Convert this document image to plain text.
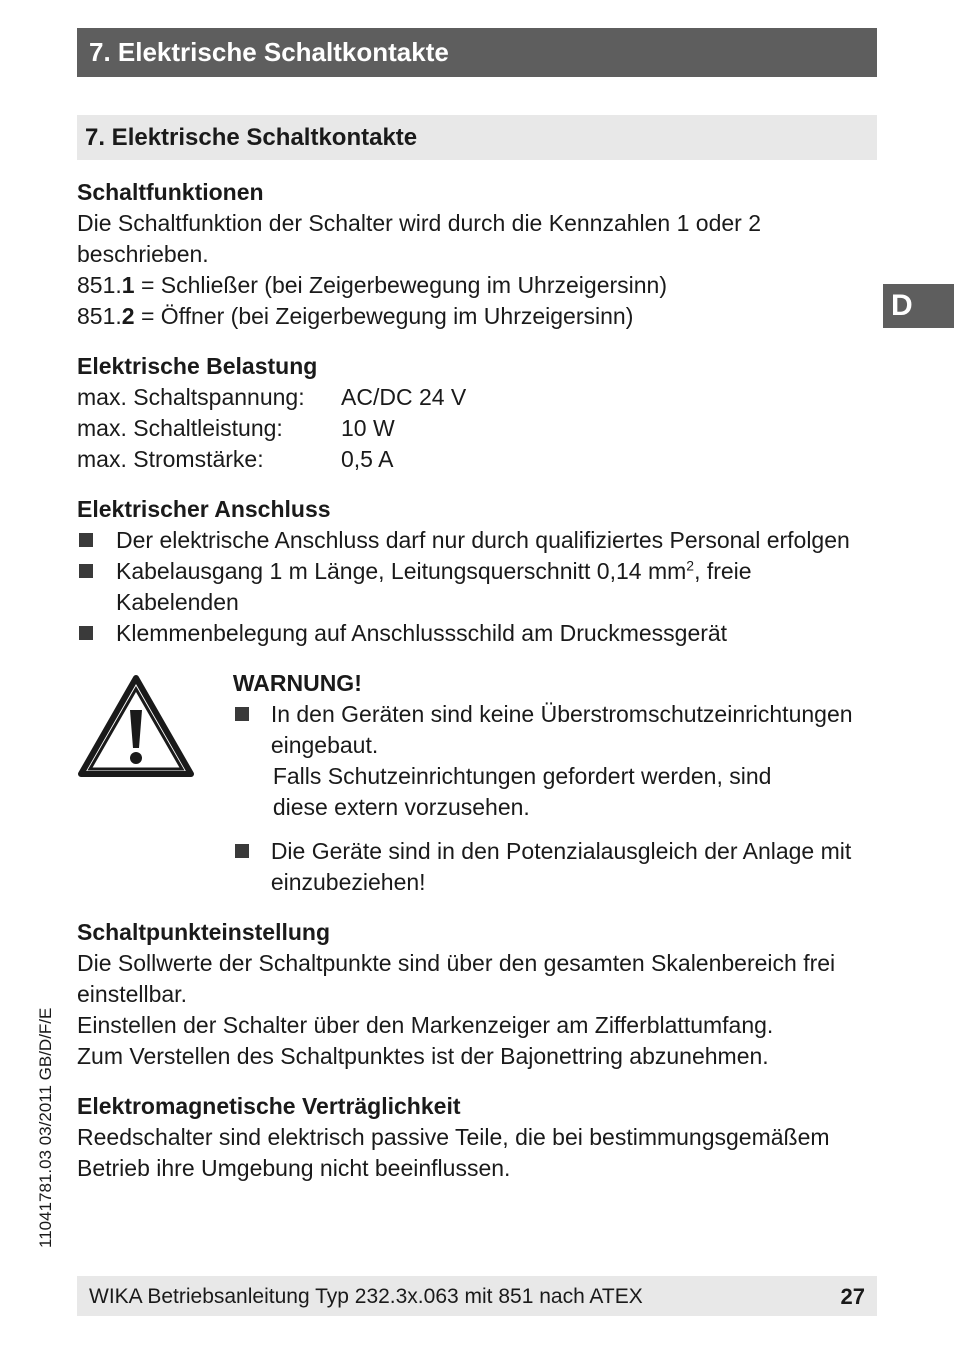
7. Elektrische Schaltkontakte
7. Elektrische Schaltkontakte
D

Schaltfunktionen

Die Schaltfunktion der Schalter wird durch die Kennzahlen 1 oder 2

beschrieben.

851.1 = Schließer (bei Zeigerbewegung im Uhrzeigersinn)

851.2 = Öffner (bei Zeigerbewegung im Uhrzeigersinn)

Elektrische Belastung

max. Schaltspannung:	AC/DC 24 V
max. Schaltleistung:	10 W
max. Stromstärke:	0,5 A

Elektrischer Anschluss

Der elektrische Anschluss darf nur durch qualifiziertes Personal erfolgen
Kabelausgang 1 m Länge, Leitungsquerschnitt 0,14 $mm^2$, freie
Kabelenden
Klemmenbelegung auf Anschlussschild am Druckmessgerät

WARNUNG!

In den Geräten sind keine Überstromschutzeinrichtungen
eingebaut.

Falls Schutzeinrichtungen gefordert werden, sind
diese extern vorzusehen.

Die Geräte sind in den Potenzialausgleich der Anlage mit
einzubeziehen!

Schaltpunkteinstellung

Die Sollwerte der Schaltpunkte sind über den gesamten Skalenbereich frei

einstellbar.

Einstellen der Schalter über den Markenzeiger am Zifferblattumfang.

Zum Verstellen des Schaltpunktes ist der Bajonettring abzunehmen.

Elektromagnetische Verträglichkeit

Reedschalter sind elektrisch passive Teile, die bei bestimmungsgemäßem

Betrieb ihre Umgebung nicht beeinflussen.

11041781.03 03/2011 GB/D/F/E
WIKA Betriebsanleitung Typ 232.3x.063 mit 851 nach ATEX	27
